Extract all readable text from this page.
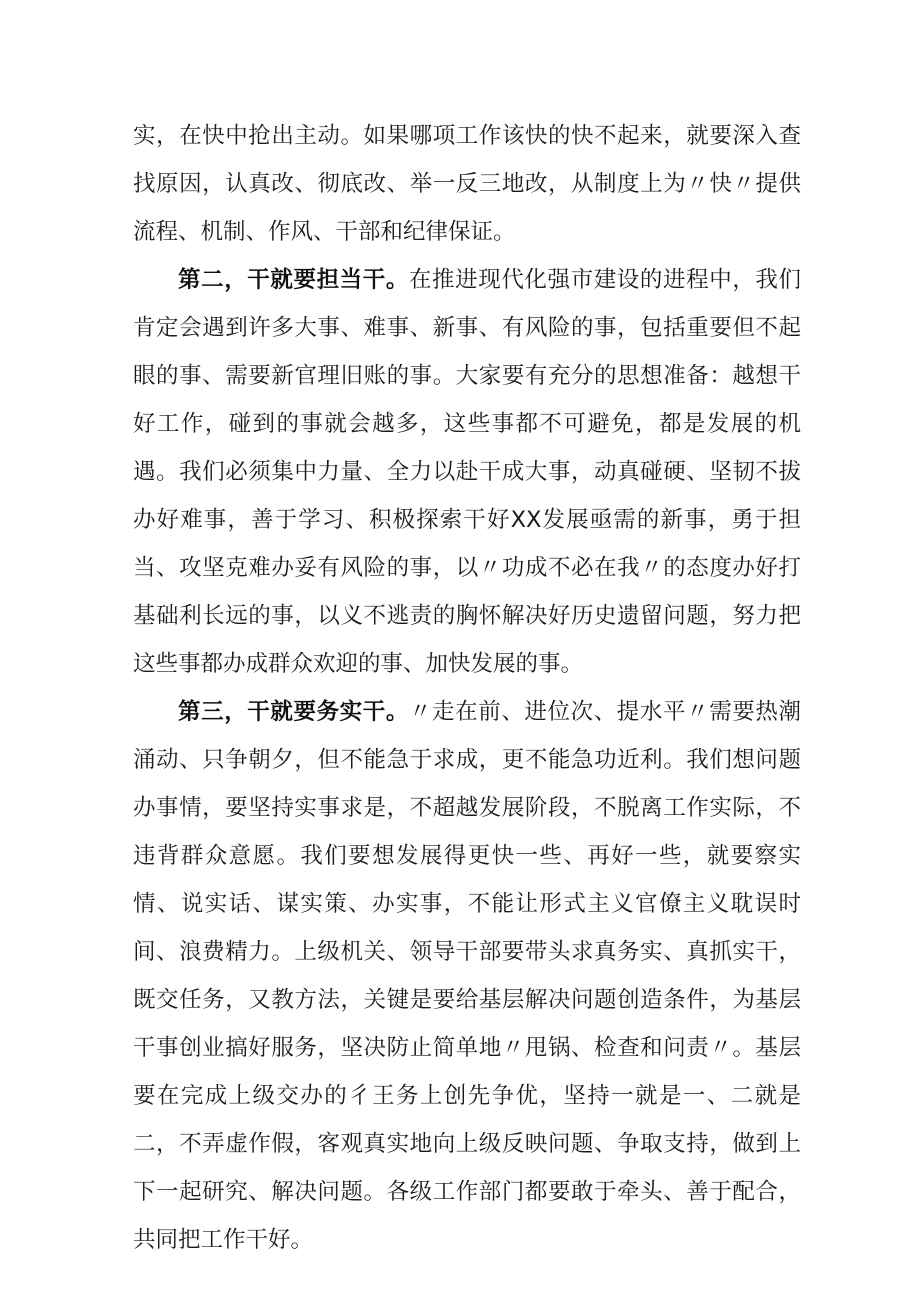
实，在快中抢出主动。如果哪项工作该快的快不起来，就要深入查找原因，认真改、彻底改、举一反三地改，从制度上为〃快〃提供流程、机制、作风、干部和纪律保证。

第二，干就要担当干。在推进现代化强市建设的进程中，我们肯定会遇到许多大事、难事、新事、有风险的事，包括重要但不起眼的事、需要新官理旧账的事。大家要有充分的思想准备：越想干好工作，碰到的事就会越多，这些事都不可避免，都是发展的机遇。我们必须集中力量、全力以赴干成大事，动真碰硬、坚韧不拔办好难事，善于学习、积极探索干好XX发展亟需的新事，勇于担当、攻坚克难办妥有风险的事，以〃功成不必在我〃的态度办好打基础利长远的事，以义不逃责的胸怀解决好历史遗留问题，努力把这些事都办成群众欢迎的事、加快发展的事。

第三，干就要务实干。〃走在前、进位次、提水平〃需要热潮涌动、只争朝夕，但不能急于求成，更不能急功近利。我们想问题办事情，要坚持实事求是，不超越发展阶段，不脱离工作实际，不违背群众意愿。我们要想发展得更快一些、再好一些，就要察实情、说实话、谋实策、办实事，不能让形式主义官僚主义耽误时间、浪费精力。上级机关、领导干部要带头求真务实、真抓实干，既交任务，又教方法，关键是要给基层解决问题创造条件，为基层干事创业搞好服务，坚决防止简单地〃甩锅、检查和问责〃。基层要在完成上级交办的彳王务上创先争优，坚持一就是一、二就是二，不弄虚作假，客观真实地向上级反映问题、争取支持，做到上下一起研究、解决问题。各级工作部门都要敢于牵头、善于配合，共同把工作干好。
